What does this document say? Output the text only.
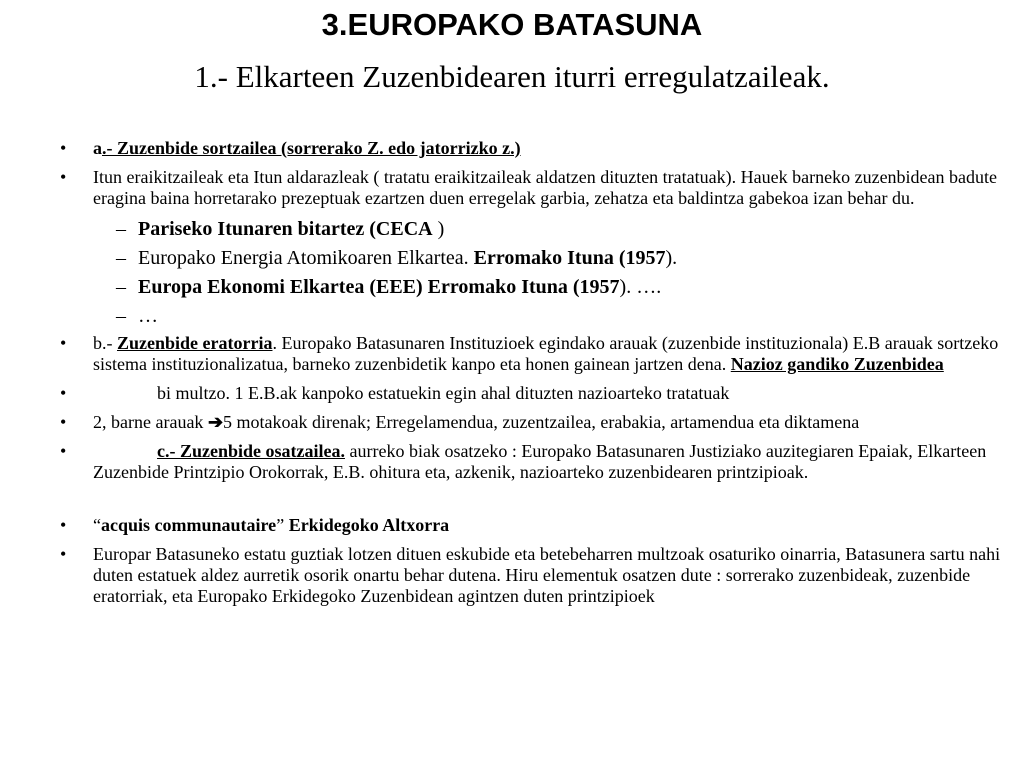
3.EUROPAKO BATASUNA
1.- Elkarteen Zuzenbidearen iturri erregulatzaileak.
• a.- Zuzenbide sortzailea (sorrerako Z. edo jatorrizko z.)
• Itun eraikitzaileak eta Itun aldarazleak ( tratatu eraikitzaileak aldatzen dituzten tratatuak). Hauek barneko zuzenbidean badute eragina baina horretarako prezeptuak ezartzen duen erregelak garbia, zehatza eta baldintza gabekoa izan behar du.
– Pariseko Itunaren bitartez (CECA )
– Europako Energia Atomikoaren Elkartea. Erromako Ituna (1957).
– Europa Ekonomi Elkartea (EEE) Erromako Ituna (1957). ….
– …
• b.- Zuzenbide eratorria. Europako Batasunaren Instituzioek egindako arauak (zuzenbide instituzionala) E.B arauak sortzeko sistema instituzionalizatua, barneko zuzenbidetik kanpo eta honen gainean jartzen dena. Nazioz gandiko Zuzenbidea
•	bi multzo. 1 E.B.ak kanpoko estatuekin egin ahal dituzten nazioarteko tratatuak
• 2, barne arauak ➔5 motakoak direnak; Erregelamendua, zuzentzailea, erabakia, artamendua eta diktamena
•	c.- Zuzenbide osatzailea. aurreko biak osatzeko : Europako Batasunaren Justiziako auzitegiaren Epaiak, Elkarteen Zuzenbide Printzipio Orokorrak, E.B. ohitura eta, azkenik, nazioarteko zuzenbidearen printzipioak.
• “acquis communautaire” Erkidegoko Altxorra
• Europar Batasuneko estatu guztiak lotzen dituen eskubide eta betebeharren multzoak osaturiko oinarria, Batasunera sartu nahi duten estatuek aldez aurretik osorik onartu behar dutena. Hiru elementuk osatzen dute : sorrerako zuzenbideak, zuzenbide eratorriak, eta Europako Erkidegoko Zuzenbidean agintzen duten printzipioek
